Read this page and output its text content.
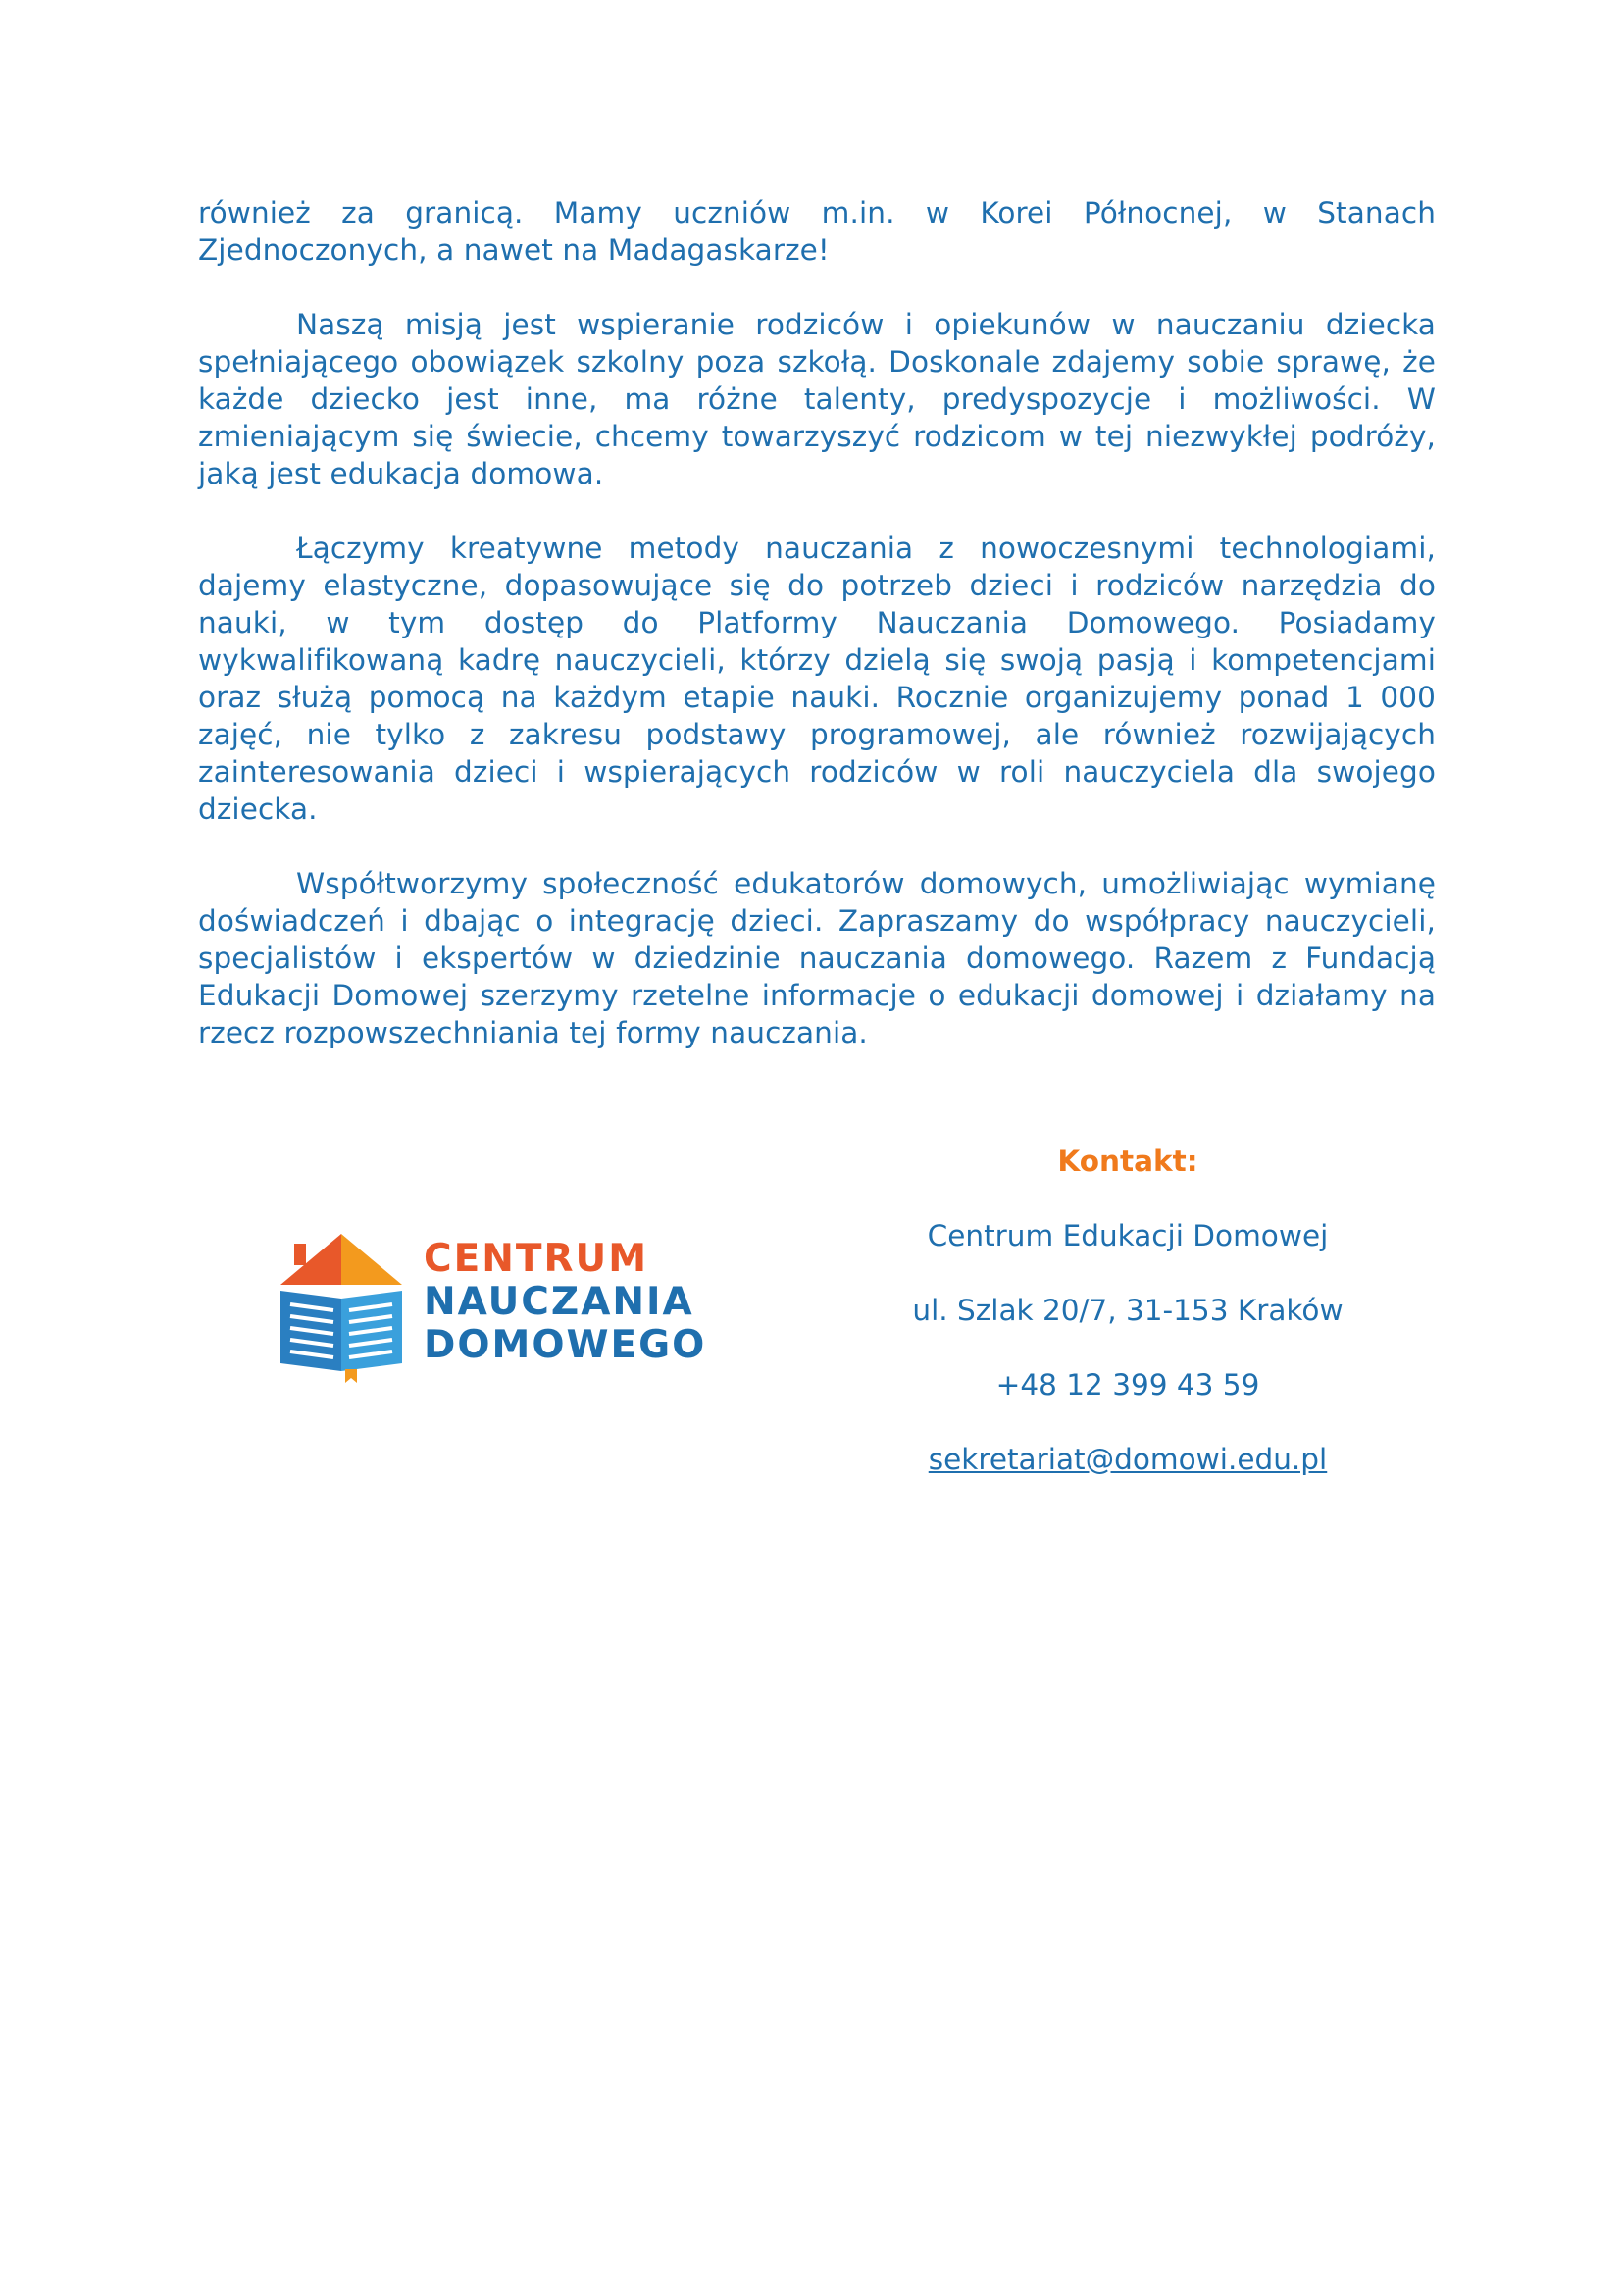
również za granicą. Mamy uczniów m.in. w Korei Północnej, w Stanach Zjednoczonych, a nawet na Madagaskarze!

Naszą misją jest wspieranie rodziców i opiekunów w nauczaniu dziecka spełniającego obowiązek szkolny poza szkołą. Doskonale zdajemy sobie sprawę, że każde dziecko jest inne, ma różne talenty, predyspozycje i możliwości. W zmieniającym się świecie, chcemy towarzyszyć rodzicom w tej niezwykłej podróży, jaką jest edukacja domowa.

Łączymy kreatywne metody nauczania z nowoczesnymi technologiami, dajemy elastyczne, dopasowujące się do potrzeb dzieci i rodziców narzędzia do nauki, w tym dostęp do Platformy Nauczania Domowego. Posiadamy wykwalifikowaną kadrę nauczycieli, którzy dzielą się swoją pasją i kompetencjami oraz służą pomocą na każdym etapie nauki. Rocznie organizujemy ponad 1 000 zajęć, nie tylko z zakresu podstawy programowej, ale również rozwijających zainteresowania dzieci i wspierających rodziców w roli nauczyciela dla swojego dziecka.

Współtworzymy społeczność edukatorów domowych, umożliwiając wymianę doświadczeń i dbając o integrację dzieci. Zapraszamy do współpracy nauczycieli, specjalistów i ekspertów w dziedzinie nauczania domowego. Razem z Fundacją Edukacji Domowej szerzymy rzetelne informacje o edukacji domowej i działamy na rzecz rozpowszechniania tej formy nauczania.

CENTRUM
NAUCZANIA
DOMOWEGO

Kontakt:

Centrum Edukacji Domowej

ul. Szlak 20/7, 31-153 Kraków

+48 12 399 43 59

sekretariat@domowi.edu.pl
